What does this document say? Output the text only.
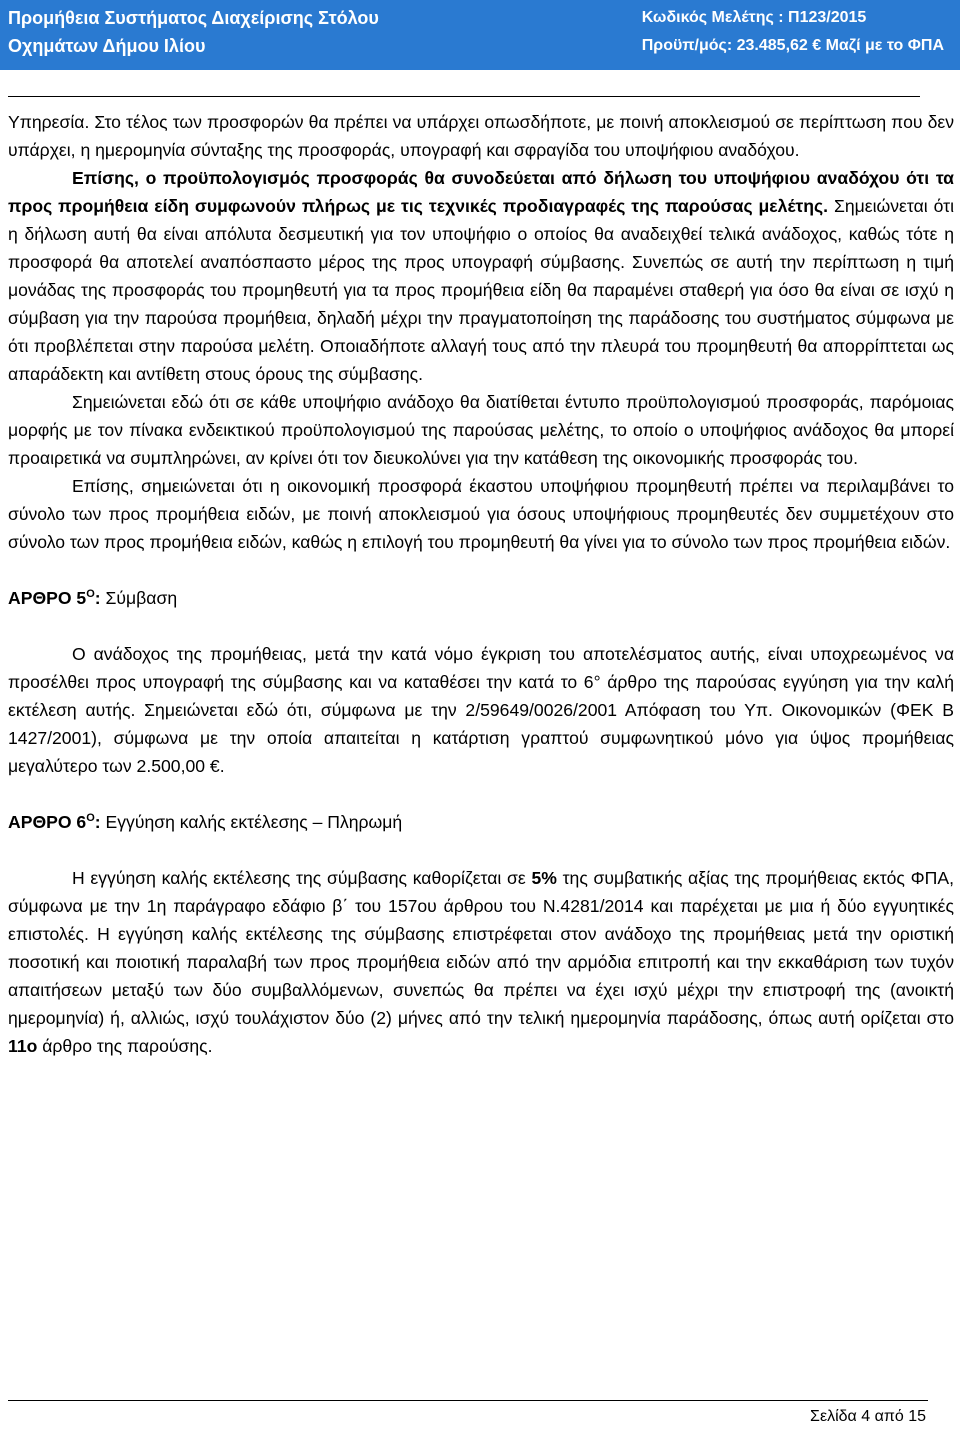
Προμήθεια Συστήματος Διαχείρισης Στόλου
Οχημάτων Δήμου Ιλίου
Κωδικός Μελέτης : Π123/2015
Προϋπ/μός: 23.485,62 € Μαζί με το ΦΠΑ

Υπηρεσία. Στο τέλος των προσφορών θα πρέπει να υπάρχει οπωσδήποτε, με ποινή αποκλεισμού σε περίπτωση που δεν υπάρχει, η ημερομηνία σύνταξης της προσφοράς, υπογραφή και σφραγίδα του υποψήφιου αναδόχου.

Επίσης, ο προϋπολογισμός προσφοράς θα συνοδεύεται από δήλωση του υποψήφιου αναδόχου ότι τα προς προμήθεια είδη συμφωνούν πλήρως με τις τεχνικές προδιαγραφές της παρούσας μελέτης. Σημειώνεται ότι η δήλωση αυτή θα είναι απόλυτα δεσμευτική για τον υποψήφιο ο οποίος θα αναδειχθεί τελικά ανάδοχος, καθώς τότε η προσφορά θα αποτελεί αναπόσπαστο μέρος της προς υπογραφή σύμβασης. Συνεπώς σε αυτή την περίπτωση η τιμή μονάδας της προσφοράς του προμηθευτή για τα προς προμήθεια είδη θα παραμένει σταθερή για όσο θα είναι σε ισχύ η σύμβαση για την παρούσα προμήθεια, δηλαδή μέχρι την πραγματοποίηση της παράδοσης του συστήματος σύμφωνα με ότι προβλέπεται στην παρούσα μελέτη. Οποιαδήποτε αλλαγή τους από την πλευρά του προμηθευτή θα απορρίπτεται ως απαράδεκτη και αντίθετη στους όρους της σύμβασης.

Σημειώνεται εδώ ότι σε κάθε υποψήφιο ανάδοχο θα διατίθεται έντυπο προϋπολογισμού προσφοράς, παρόμοιας μορφής με τον πίνακα ενδεικτικού προϋπολογισμού της παρούσας μελέτης, το οποίο ο υποψήφιος ανάδοχος θα μπορεί προαιρετικά να συμπληρώνει, αν κρίνει ότι τον διευκολύνει για την κατάθεση της οικονομικής προσφοράς του.

Επίσης, σημειώνεται ότι η οικονομική προσφορά έκαστου υποψήφιου προμηθευτή πρέπει να περιλαμβάνει το σύνολο των προς προμήθεια ειδών, με ποινή αποκλεισμού για όσους υποψήφιους προμηθευτές δεν συμμετέχουν στο σύνολο των προς προμήθεια ειδών, καθώς η επιλογή του προμηθευτή θα γίνει για το σύνολο των προς προμήθεια ειδών.

ΑΡΘΡΟ $5^O$: Σύμβαση

Ο ανάδοχος της προμήθειας, μετά την κατά νόμο έγκριση του αποτελέσματος αυτής, είναι υποχρεωμένος να προσέλθει προς υπογραφή της σύμβασης και να καταθέσει την κατά το 6° άρθρο της παρούσας εγγύηση για την καλή εκτέλεση αυτής. Σημειώνεται εδώ ότι, σύμφωνα με την 2/59649/0026/2001 Απόφαση του Υπ. Οικονομικών (ΦΕΚ Β 1427/2001), σύμφωνα με την οποία απαιτείται η κατάρτιση γραπτού συμφωνητικού μόνο για ύψος προμήθειας μεγαλύτερο των 2.500,00 €.

ΑΡΘΡΟ $6^O$: Εγγύηση καλής εκτέλεσης – Πληρωμή

Η εγγύηση καλής εκτέλεσης της σύμβασης καθορίζεται σε 5% της συμβατικής αξίας της προμήθειας εκτός ΦΠΑ, σύμφωνα με την 1η παράγραφο εδάφιο β΄ του 157ου άρθρου του Ν.4281/2014 και παρέχεται με μια ή δύο εγγυητικές επιστολές. Η εγγύηση καλής εκτέλεσης της σύμβασης επιστρέφεται στον ανάδοχο της προμήθειας μετά την οριστική ποσοτική και ποιοτική παραλαβή των προς προμήθεια ειδών από την αρμόδια επιτροπή και την εκκαθάριση των τυχόν απαιτήσεων μεταξύ των δύο συμβαλλόμενων, συνεπώς θα πρέπει να έχει ισχύ μέχρι την επιστροφή της (ανοικτή ημερομηνία) ή, αλλιώς, ισχύ τουλάχιστον δύο (2) μήνες από την τελική ημερομηνία παράδοσης, όπως αυτή ορίζεται στο 11ο άρθρο της παρούσης.

Σελίδα 4 από 15
